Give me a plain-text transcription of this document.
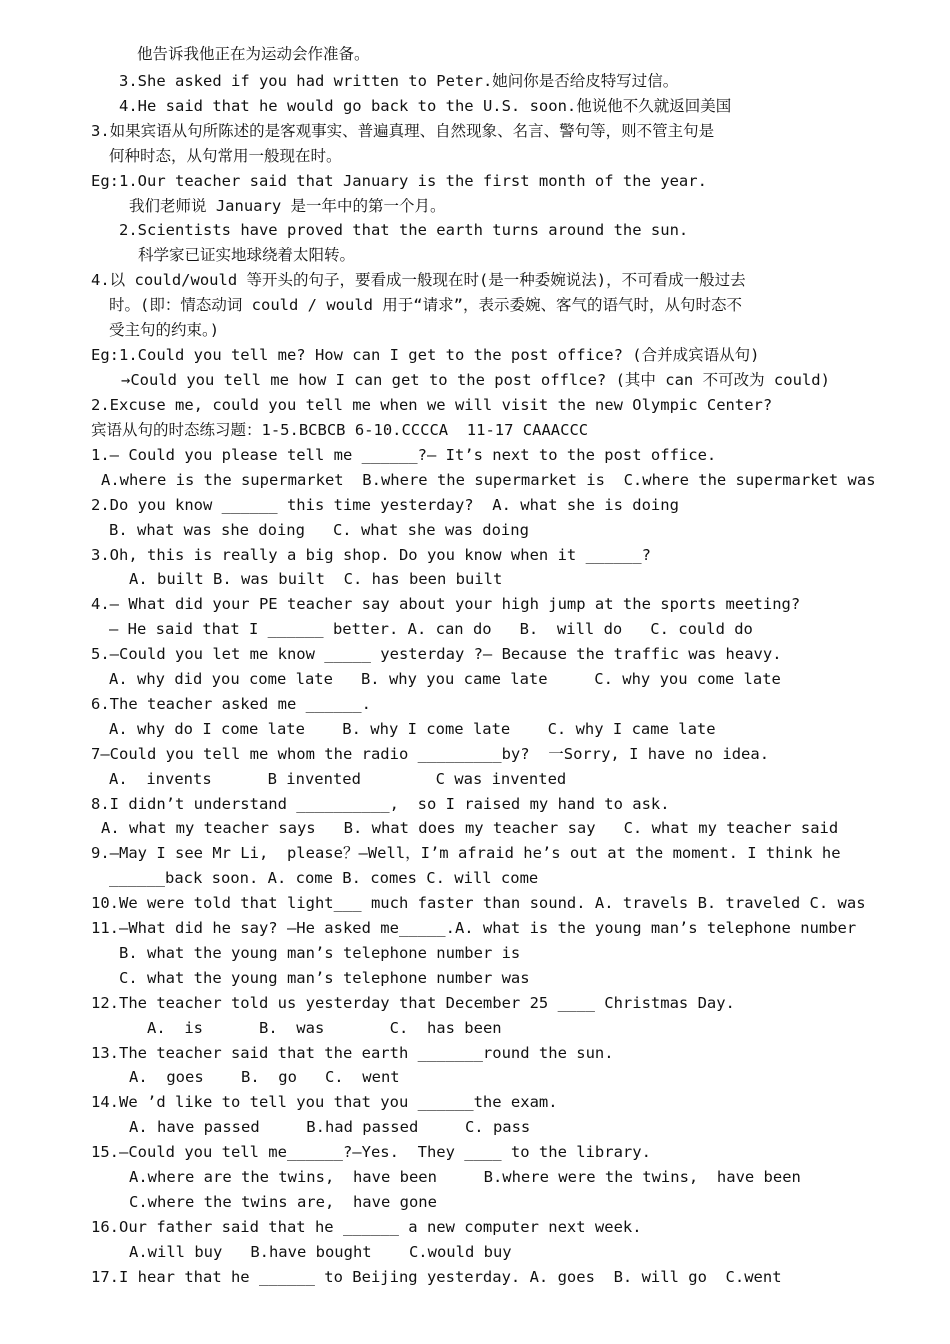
他告诉我他正在为运动会作准备。
3.She asked if you had written to Peter.她问你是否给皮特写过信。
4.He said that he would go back to the U.S. soon.他说他不久就返回美国
3.如果宾语从句所陈述的是客观事实、普遍真理、自然现象、名言、警句等，则不管主句是
何种时态，从句常用一般现在时。
Eg:1.Our teacher said that January is the first month of the year.
我们老师说 January 是一年中的第一个月。
2.Scientists have proved that the earth turns around the sun.
科学家已证实地球绕着太阳转。
4.以 could/would 等开头的句子，要看成一般现在时(是一种委婉说法)，不可看成一般过去
时。(即：情态动词 could / would 用于“请求”，表示委婉、客气的语气时，从句时态不
受主句的约束。)
Eg:1.Could you tell me? How can I get to the post office? (合并成宾语从句)
→Could you tell me how I can get to the post offlce? (其中 can 不可改为 could)
2.Excuse me, could you tell me when we will visit the new Olympic Center?
宾语从句的时态练习题：1-5.BCBCB 6-10.CCCCA  11-17 CAAACCC
1.— Could you please tell me ______?— It’s next to the post office.
A.where is the supermarket  B.where the supermarket is  C.where the supermarket was
2.Do you know ______ this time yesterday?  A. what she is doing
B. what was she doing   C. what she was doing
3.Oh, this is really a big shop. Do you know when it ______?
A. built B. was built  C. has been built
4.— What did your PE teacher say about your high jump at the sports meeting?
— He said that I ______ better. A. can do   B.  will do   C. could do
5.—Could you let me know _____ yesterday ?— Because the traffic was heavy.
A. why did you come late   B. why you came late     C. why you come late
6.The teacher asked me ______.
A. why do I come late    B. why I come late    C. why I came late
7—Could you tell me whom the radio _________by?  一Sorry, I have no idea.
A.  invents      B invented        C was invented
8.I didn’t understand __________,  so I raised my hand to ask.
A. what my teacher says   B. what does my teacher say   C. what my teacher said
9.—May I see Mr Li,  please？—Well，I’m afraid he’s out at the moment. I think he
______back soon. A. come B. comes C. will come
10.We were told that light___ much faster than sound. A. travels B. traveled C. was
11.—What did he say? —He asked me_____.A. what is the young man’s telephone number
B. what the young man’s telephone number is
C. what the young man’s telephone number was
12.The teacher told us yesterday that December 25 ____ Christmas Day.
A.  is      B.  was       C.  has been
13.The teacher said that the earth _______round the sun.
A.  goes    B.  go   C.  went
14.We ’d like to tell you that you ______the exam.
A. have passed     B.had passed     C. pass
15.—Could you tell me______?—Yes.  They ____ to the library.
A.where are the twins,  have been     B.where were the twins,  have been
C.where the twins are,  have gone
16.Our father said that he ______ a new computer next week.
A.will buy   B.have bought    C.would buy
17.I hear that he ______ to Beijing yesterday. A. goes  B. will go  C.went
